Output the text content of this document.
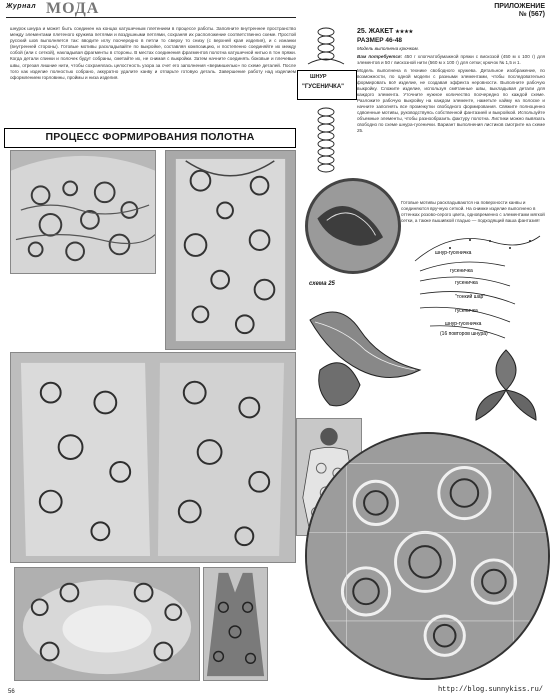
Журнал МОДА	ПРИЛОЖЕНИЕ
№ (567)
шнурок шнура и может быть соединен на концах катушечным плетением в процессе работы. Заполните внутреннее пространство между элементами плетеного кружева петлями и воздушными петлями, сохраняя их расположение соответственно схеме. Простой русский шов выполняется так: вводите иглу поочередно в петли то сверху то снизу (с верхней края изделия), и с изнанки (внутренней стороны). Готовые мотивы раскладывайте по выкройке, составляя композицию, и постепенно соединяйте их между собой (или с сеткой), накладывая фрагменты в стороны. В местах соединения фрагментов полотна катушечной нитью в тон пряжи. Когда детали спинки и полочек будут собраны, сметайте их, не снимая с выкройки. Затем начните соединять боковые и плечевые швы, отрезая лишние нити, чтобы сохранялась целостность узора за счет его заполнения «вермишелью» по схеме деталей. После того как изделие полностью собрано, аккуратно удалите канву и отпарьте готовую деталь. Завершение работу над изделием оформлением горловины, проймы и низа изделия.
ПРОЦЕСС ФОРМИРОВАНИЯ ПОЛОТНА
ШНУР
"ГУСЕНИЧКА"
25. ЖАКЕТ ★★★★
РАЗМЕР 46-48
Модель выполнена крючком.
Вам потребуется: 450 г хлопчатобумажной пряжи с вискозой (450 м x 100 г) для элементов и 50 г вискозной нити (560 м x 100 г) для сетки; крючок № 1,5 и 1.
Модель выполнена в технике свободного кружева. Детальное изображение, по возможности, по одной модели с разными элементами, чтобы последовательно формировать всё изделие, не создавая эффекта неровности. Выполните рабочую выкройку. Сложите изделие, используя смётанные швы, выкладывая детали для каждого элемента. Уточните нужное количество поочередно по каждой схеме. Разложите рабочую выкройку на каждом элементе, наметьте кайму на полоске и начните заполнять все промежутки свободного формирования. Свяжите полноценно сдвоенные мотивы, руководствуясь собственной фантазией и выкройкой. Используйте объемные элементы, чтобы разнообразить фактуру полотна. Листики можно вывязать свободно по схеме шнура-гусенички. Вариант выполнения листиков смотрите на схеме 25.
Готовые мотивы раскладываются на поверхности канвы и соединяются вручную сеткой. На снимке изделие выполнено в оттенках розово-серого цвета, одновременно с элементами мягкой сетки, а также вышивкой гладью — подходящий ваша фантазия!
схема 25
шнур-гусеничка
гусеничка
гусеничка
"тонкий шар"
гусеничка
шнур-гусеничка
(16 повторов шнура)
56	http://blog.sunnykiss.ru/
